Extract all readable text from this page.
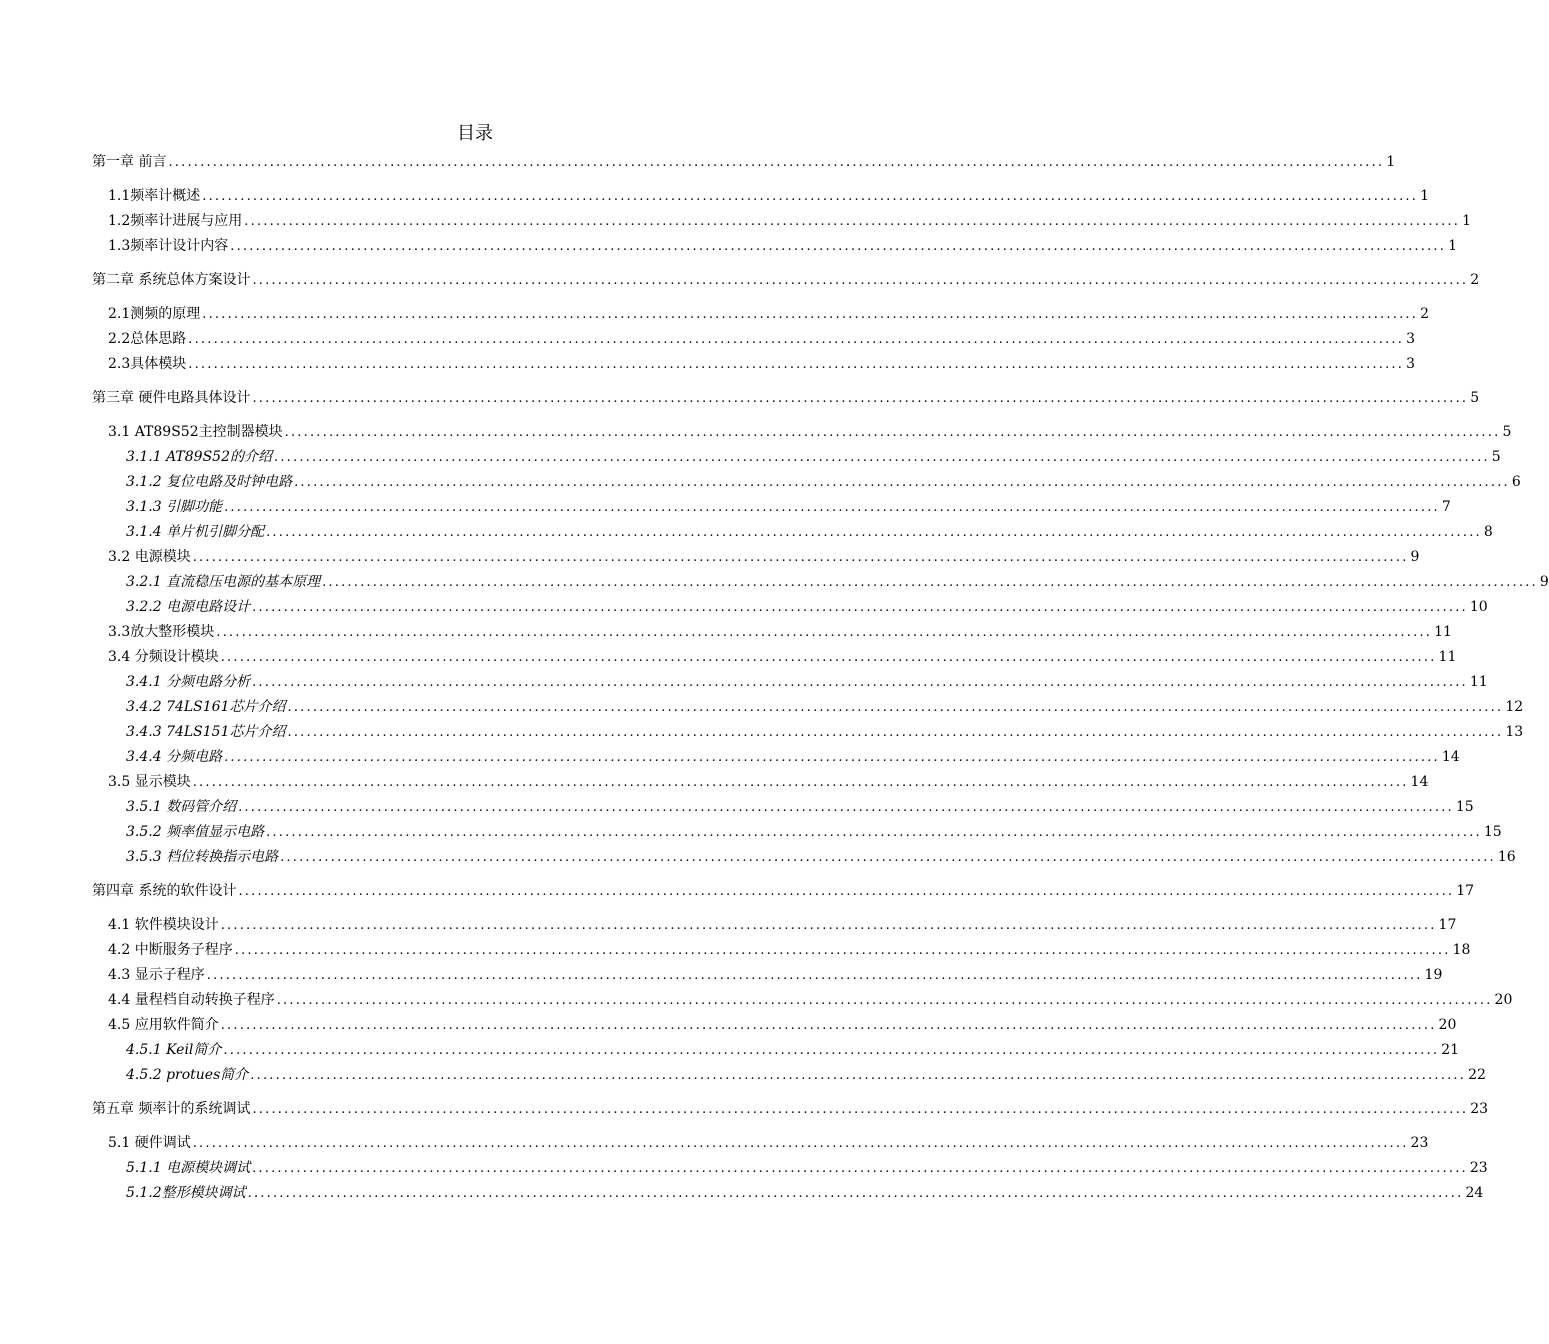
目录
第一章 前言 ................................................................................................................................................................................................ 1
1.1频率计概述 ................................................................................................................................................................................................ 1
1.2频率计进展与应用 ................................................................................................................................................................................................ 1
1.3频率计设计内容 ................................................................................................................................................................................................ 1
第二章 系统总体方案设计 ................................................................................................................................................................................................ 2
2.1测频的原理 ................................................................................................................................................................................................ 2
2.2总体思路 ................................................................................................................................................................................................ 3
2.3具体模块 ................................................................................................................................................................................................ 3
第三章 硬件电路具体设计 ................................................................................................................................................................................................ 5
3.1 AT89S52主控制器模块 ................................................................................................................................................................................................ 5
3.1.1 AT89S52的介绍 ................................................................................................................................................................................................ 5
3.1.2 复位电路及时钟电路 ................................................................................................................................................................................................ 6
3.1.3 引脚功能 ................................................................................................................................................................................................ 7
3.1.4 单片机引脚分配 ................................................................................................................................................................................................ 8
3.2 电源模块 ................................................................................................................................................................................................ 9
3.2.1 直流稳压电源的基本原理 ................................................................................................................................................................................................ 9
3.2.2 电源电路设计 ................................................................................................................................................................................................ 10
3.3放大整形模块 ................................................................................................................................................................................................ 11
3.4 分频设计模块 ................................................................................................................................................................................................ 11
3.4.1 分频电路分析 ................................................................................................................................................................................................ 11
3.4.2 74LS161芯片介绍 ................................................................................................................................................................................................ 12
3.4.3 74LS151芯片介绍 ................................................................................................................................................................................................ 13
3.4.4 分频电路 ................................................................................................................................................................................................ 14
3.5 显示模块 ................................................................................................................................................................................................ 14
3.5.1 数码管介绍 ................................................................................................................................................................................................ 15
3.5.2 频率值显示电路 ................................................................................................................................................................................................ 15
3.5.3 档位转换指示电路 ................................................................................................................................................................................................ 16
第四章 系统的软件设计 ................................................................................................................................................................................................ 17
4.1 软件模块设计 ................................................................................................................................................................................................ 17
4.2 中断服务子程序 ................................................................................................................................................................................................ 18
4.3 显示子程序 ................................................................................................................................................................................................ 19
4.4 量程档自动转换子程序 ................................................................................................................................................................................................ 20
4.5 应用软件简介 ................................................................................................................................................................................................ 20
4.5.1 Keil简介 ................................................................................................................................................................................................ 21
4.5.2 protues简介 ................................................................................................................................................................................................ 22
第五章 频率计的系统调试 ................................................................................................................................................................................................ 23
5.1 硬件调试 ................................................................................................................................................................................................ 23
5.1.1 电源模块调试 ................................................................................................................................................................................................ 23
5.1.2整形模块调试 ................................................................................................................................................................................................ 24
